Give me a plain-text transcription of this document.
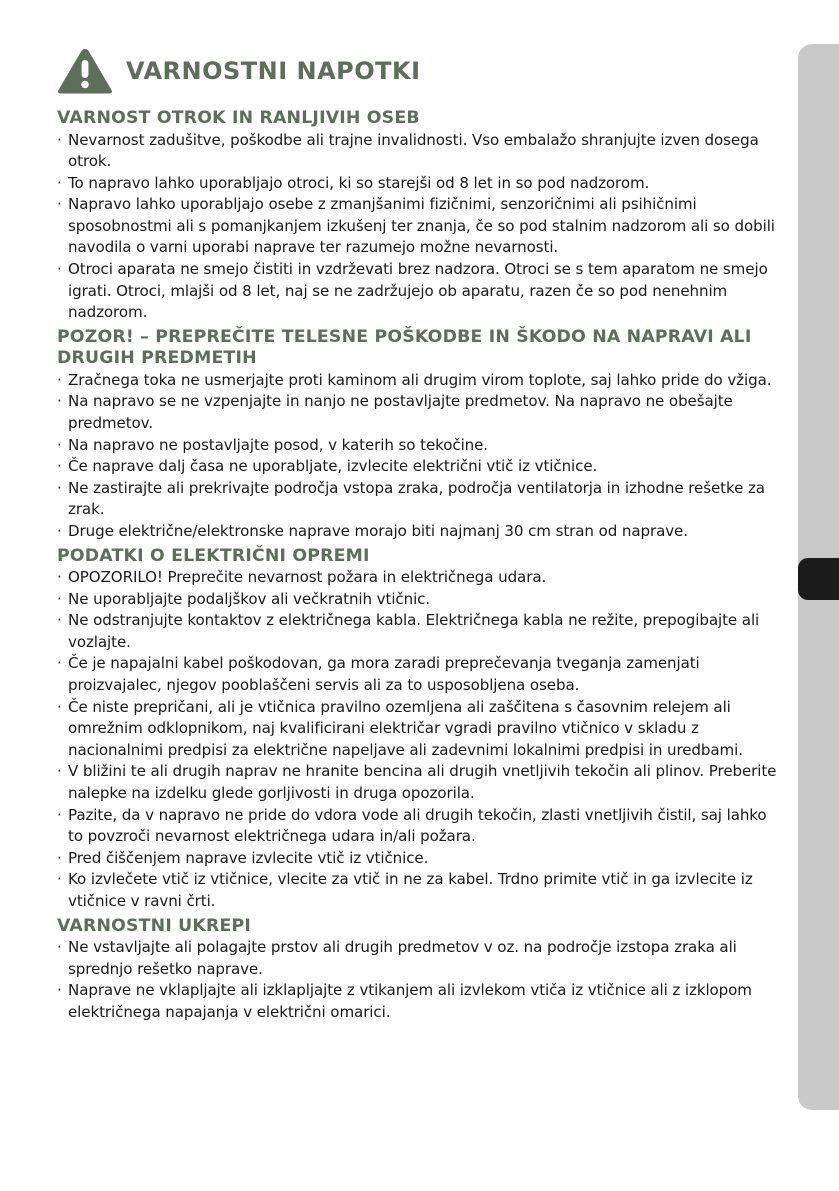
VARNOSTNI NAPOTKI
VARNOST OTROK IN RANLJIVIH OSEB
· Nevarnost zadušitve, poškodbe ali trajne invalidnosti. Vso embalažo shranjujte izven dosega otrok.
· To napravo lahko uporabljajo otroci, ki so starejši od 8 let in so pod nadzorom.
· Napravo lahko uporabljajo osebe z zmanjšanimi fizičnimi, senzoričnimi ali psihičnimi sposobnostmi ali s pomanjkanjem izkušenj ter znanja, če so pod stalnim nadzorom ali so dobili navodila o varni uporabi naprave ter razumejo možne nevarnosti.
· Otroci aparata ne smejo čistiti in vzdrževati brez nadzora. Otroci se s tem aparatom ne smejo igrati. Otroci, mlajši od 8 let, naj se ne zadržujejo ob aparatu, razen če so pod nenehnim nadzorom.
POZOR! – PREPREČITE TELESNE POŠKODBE IN ŠKODO NA NAPRAVI ALI DRUGIH PREDMETIH
· Zračnega toka ne usmerjajte proti kaminom ali drugim virom toplote, saj lahko pride do vžiga.
· Na napravo se ne vzpenjajte in nanjo ne postavljajte predmetov. Na napravo ne obešajte predmetov.
· Na napravo ne postavljajte posod, v katerih so tekočine.
· Če naprave dalj časa ne uporabljate, izvlecite električni vtič iz vtičnice.
· Ne zastirajte ali prekrivajte področja vstopa zraka, področja ventilatorja in izhodne rešetke za zrak.
· Druge električne/elektronske naprave morajo biti najmanj 30 cm stran od naprave.
PODATKI O ELEKTRIČNI OPREMI
· OPOZORILO! Preprečite nevarnost požara in električnega udara.
· Ne uporabljajte podaljškov ali večkratnih vtičnic.
· Ne odstranjujte kontaktov z električnega kabla. Električnega kabla ne režite, prepogibajte ali vozlajte.
· Če je napajalni kabel poškodovan, ga mora zaradi preprečevanja tveganja zamenjati proizvajalec, njegov pooblaščeni servis ali za to usposobljena oseba.
· Če niste prepričani, ali je vtičnica pravilno ozemljena ali zaščitena s časovnim relejem ali omrežnim odklopnikom, naj kvalificirani električar vgradi pravilno vtičnico v skladu z nacionalnimi predpisi za električne napeljave ali zadevnimi lokalnimi predpisi in uredbami.
· V bližini te ali drugih naprav ne hranite bencina ali drugih vnetljivih tekočin ali plinov. Preberite nalepke na izdelku glede gorljivosti in druga opozorila.
· Pazite, da v napravo ne pride do vdora vode ali drugih tekočin, zlasti vnetljivih čistil, saj lahko to povzroči nevarnost električnega udara in/ali požara.
· Pred čiščenjem naprave izvlecite vtič iz vtičnice.
· Ko izvlečete vtič iz vtičnice, vlecite za vtič in ne za kabel. Trdno primite vtič in ga izvlecite iz vtičnice v ravni črti.
VARNOSTNI UKREPI
· Ne vstavljajte ali polagajte prstov ali drugih predmetov v oz. na področje izstopa zraka ali sprednjo rešetko naprave.
· Naprave ne vklapljajte ali izklapljajte z vtikanjem ali izvlekom vtiča iz vtičnice ali z izklopom električnega napajanja v električni omarici.
